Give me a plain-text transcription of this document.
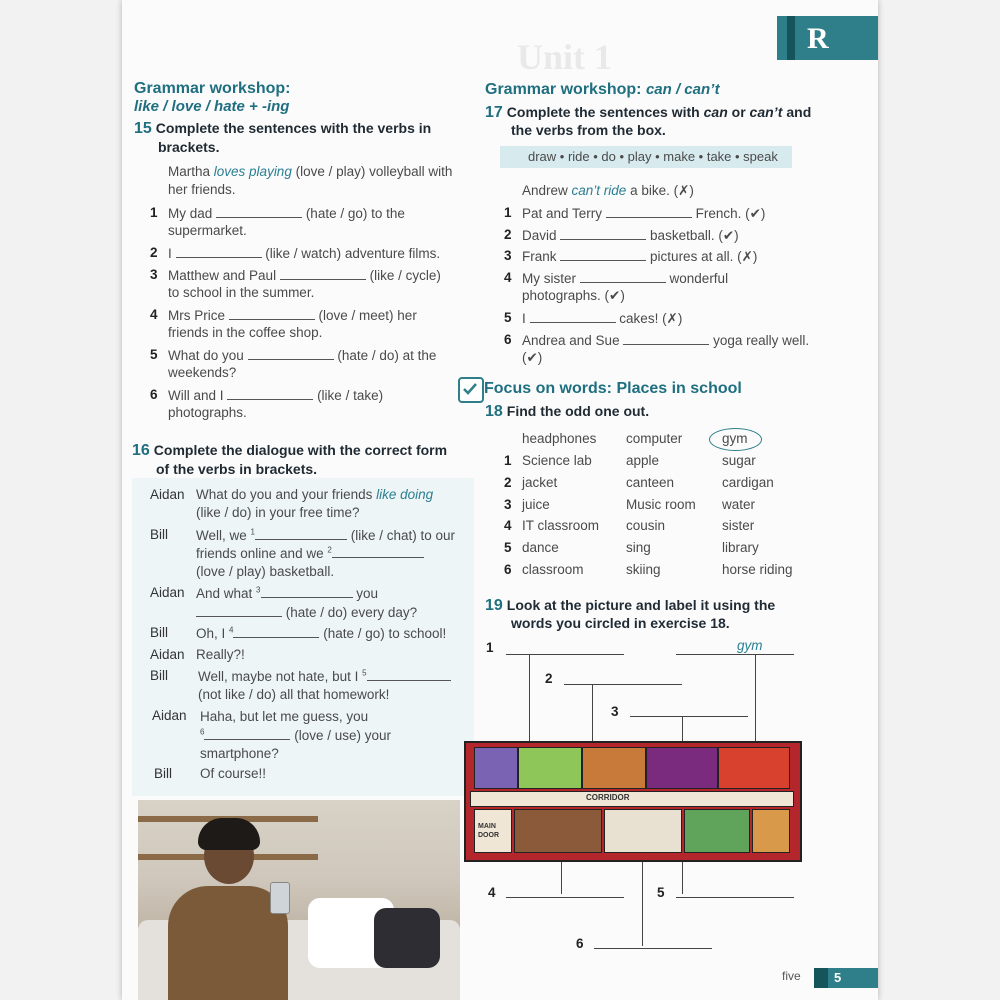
Unit 1	R
Grammar workshop:
like / love / hate + -ing
15 Complete the sentences with the verbs in
brackets.
Martha loves playing (love / play) volleyball with
her friends.
1 My dad	(hate / go) to the
supermarket.
2 I	(like / watch) adventure films.
3 Matthew and Paul	(like / cycle)
to school in the summer.
4 Mrs Price	(love / meet) her
friends in the coffee shop.
5 What do you	(hate / do) at the
weekends?
6 Will and I	(like / take)
photographs.
16 Complete the dialogue with the correct form
of the verbs in brackets.
Aidan What do you and your friends like doing
(like / do) in your free time?
Bill Well, we $^1$	(like / chat) to our
friends online and we $^2$
(love / play) basketball.
Aidan And what $^3$	you
(hate / do) every day?
Bill Oh, I $^4$	(hate / go) to school!
Aidan Really?!
Bill Well, maybe not hate, but I $^5$
(not like / do) all that homework!
Aidan Haha, but let me guess, you
$^6$	(love / use) your
smartphone?
Bill Of course!!
Grammar workshop: can / can’t
17 Complete the sentences with can or can’t and
the verbs from the box.
draw • ride • do • play • make • take • speak
Andrew can’t ride a bike. (✗)
1 Pat and Terry	French. (✔)
2 David	basketball. (✔)
3 Frank	pictures at all. (✗)
4 My sister	wonderful
photographs. (✔)
5 I	cakes! (✗)
6 Andrea and Sue	yoga really well.
(✔)
Focus on words: Places in school
18 Find the odd one out.
headphones computer	gym
1 Science lab	apple	sugar
2 jacket	canteen	cardigan
3 juice	Music room water
4 IT classroom cousin	sister
5 dance	sing	library
6 classroom	skiing	horse riding
19 Look at the picture and label it using the
words you circled in exercise 18.
1	gym
2
3
CORRIDOR
MAIN
DOOR
4	5
6
five	5
